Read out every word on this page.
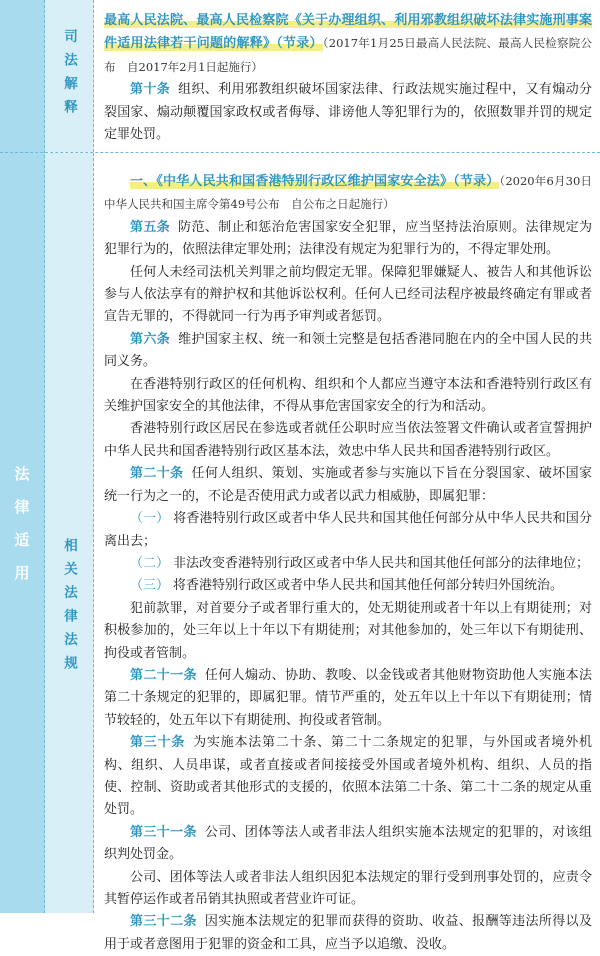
法律适用
司法解释
相关法律法规

最高人民法院、最高人民检察院《关于办理组织、利用邪教组织破坏法律实施刑事案件适用法律若干问题的解释》（节录）（2017年1月25日最高人民法院、最高人民检察院公布　自2017年2月1日起施行）

第十条 组织、利用邪教组织破坏国家法律、行政法规实施过程中，又有煽动分裂国家、煽动颠覆国家政权或者侮辱、诽谤他人等犯罪行为的，依照数罪并罚的规定定罪处罚。

一、《中华人民共和国香港特别行政区维护国家安全法》（节录）（2020年6月30日中华人民共和国主席令第49号公布　自公布之日起施行）

第五条 防范、制止和惩治危害国家安全犯罪，应当坚持法治原则。法律规定为犯罪行为的，依照法律定罪处刑；法律没有规定为犯罪行为的，不得定罪处刑。

任何人未经司法机关判罪之前均假定无罪。保障犯罪嫌疑人、被告人和其他诉讼参与人依法享有的辩护权和其他诉讼权利。任何人已经司法程序被最终确定有罪或者宣告无罪的，不得就同一行为再予审判或者惩罚。

第六条 维护国家主权、统一和领土完整是包括香港同胞在内的全中国人民的共同义务。

在香港特别行政区的任何机构、组织和个人都应当遵守本法和香港特别行政区有关维护国家安全的其他法律，不得从事危害国家安全的行为和活动。

香港特别行政区居民在参选或者就任公职时应当依法签署文件确认或者宣誓拥护中华人民共和国香港特别行政区基本法，效忠中华人民共和国香港特别行政区。

第二十条 任何人组织、策划、实施或者参与实施以下旨在分裂国家、破坏国家统一行为之一的，不论是否使用武力或者以武力相威胁，即属犯罪：

（一） 将香港特别行政区或者中华人民共和国其他任何部分从中华人民共和国分离出去；

（二） 非法改变香港特别行政区或者中华人民共和国其他任何部分的法律地位；

（三） 将香港特别行政区或者中华人民共和国其他任何部分转归外国统治。

犯前款罪，对首要分子或者罪行重大的，处无期徒刑或者十年以上有期徒刑；对积极参加的，处三年以上十年以下有期徒刑；对其他参加的，处三年以下有期徒刑、拘役或者管制。

第二十一条 任何人煽动、协助、教唆、以金钱或者其他财物资助他人实施本法第二十条规定的犯罪的，即属犯罪。情节严重的，处五年以上十年以下有期徒刑；情节较轻的，处五年以下有期徒刑、拘役或者管制。

第三十条 为实施本法第二十条、第二十二条规定的犯罪，与外国或者境外机构、组织、人员串谋，或者直接或者间接接受外国或者境外机构、组织、人员的指使、控制、资助或者其他形式的支援的，依照本法第二十条、第二十二条的规定从重处罚。

第三十一条 公司、团体等法人或者非法人组织实施本法规定的犯罪的，对该组织判处罚金。

公司、团体等法人或者非法人组织因犯本法规定的罪行受到刑事处罚的，应责令其暂停运作或者吊销其执照或者营业许可证。

第三十二条 因实施本法规定的犯罪而获得的资助、收益、报酬等违法所得以及用于或者意图用于犯罪的资金和工具，应当予以追缴、没收。
